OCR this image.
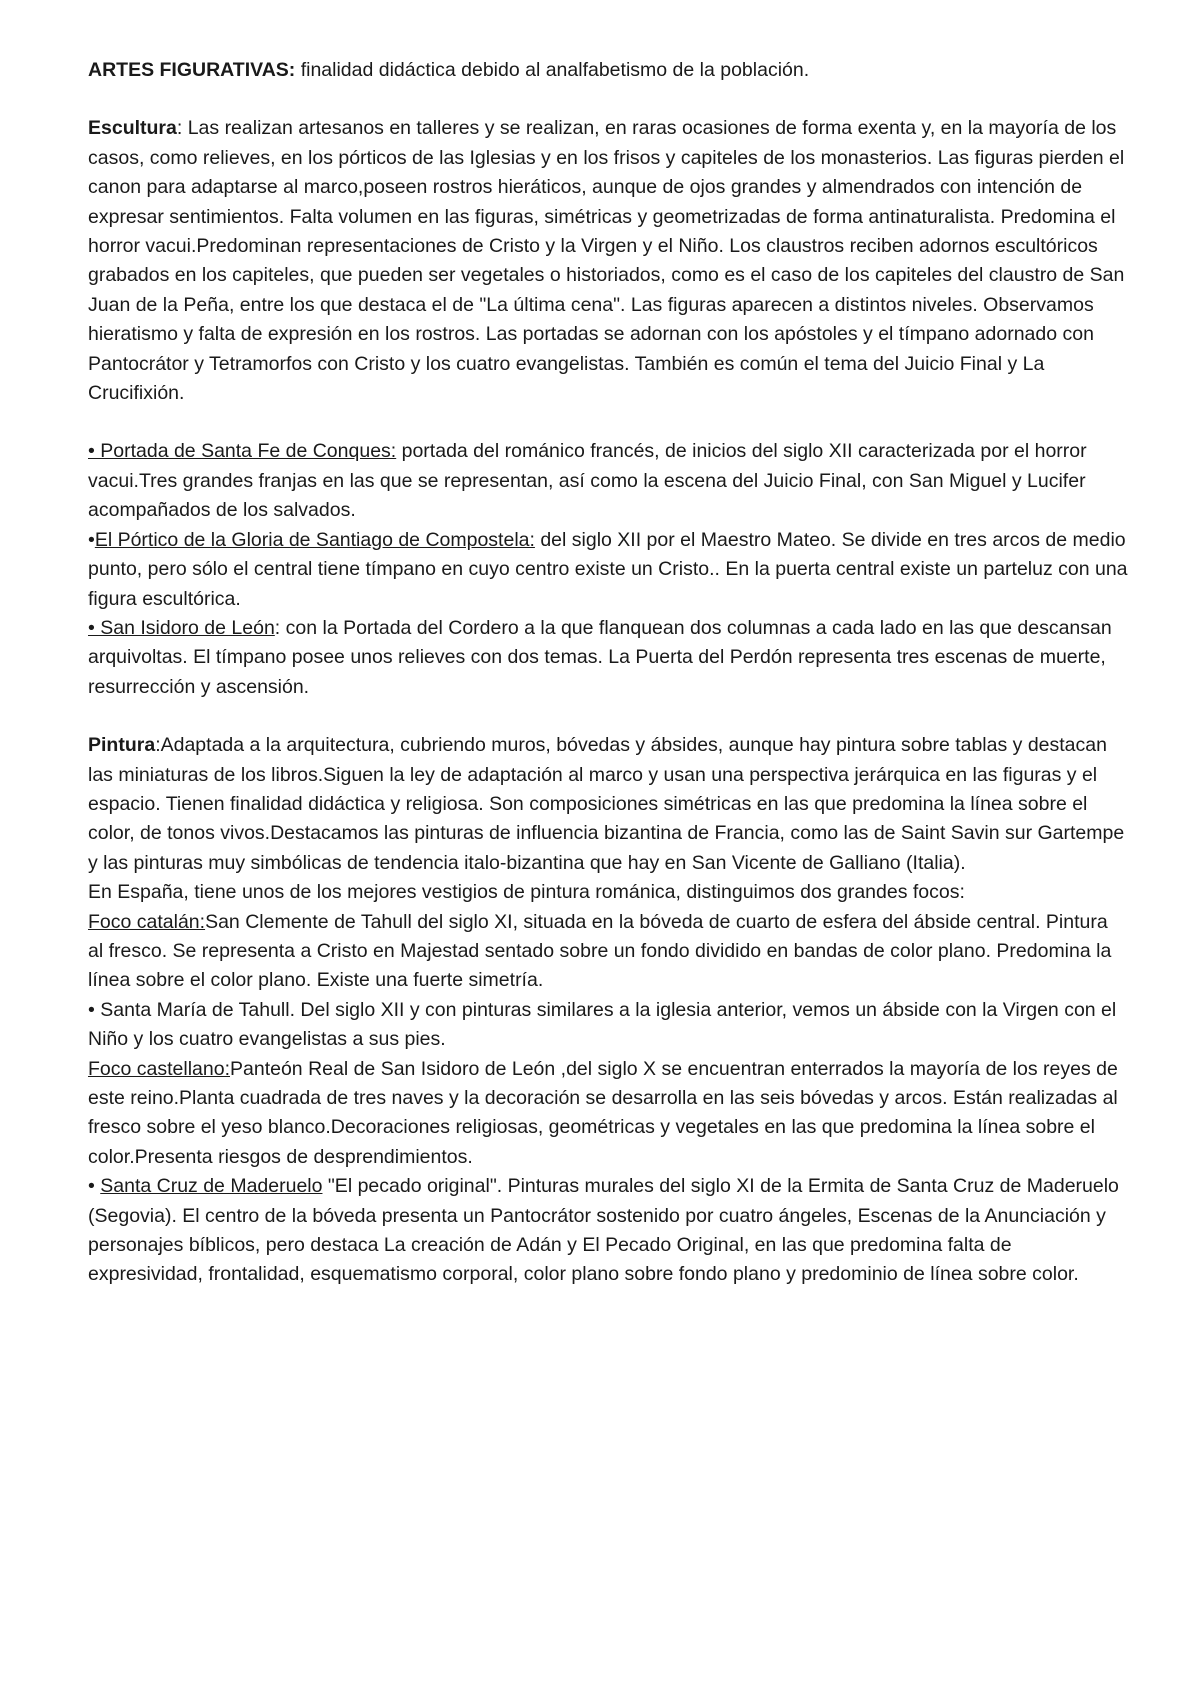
ARTES FIGURATIVAS: finalidad didáctica debido al analfabetismo de la población.

Escultura: Las realizan artesanos en talleres y se realizan, en raras ocasiones de forma exenta y, en la mayoría de los casos, como relieves, en los pórticos de las Iglesias y en los frisos y capiteles de los monasterios. Las figuras pierden el canon para adaptarse al marco,poseen rostros hieráticos, aunque de ojos grandes y almendrados con intención de expresar sentimientos. Falta volumen en las figuras, simétricas y geometrizadas de forma antinaturalista. Predomina el horror vacui.Predominan representaciones de Cristo y la Virgen y el Niño. Los claustros reciben adornos escultóricos grabados en los capiteles, que pueden ser vegetales o historiados, como es el caso de los capiteles del claustro de San Juan de la Peña, entre los que destaca el de "La última cena". Las figuras aparecen a distintos niveles. Observamos hieratismo y falta de expresión en los rostros. Las portadas se adornan con los apóstoles y el tímpano adornado con Pantocrátor y Tetramorfos con Cristo y los cuatro evangelistas. También es común el tema del Juicio Final y La Crucifixión.

• Portada de Santa Fe de Conques: portada del románico francés, de inicios del siglo XII caracterizada por el horror vacui.Tres grandes franjas en las que se representan, así como la escena del Juicio Final, con San Miguel y Lucifer acompañados de los salvados.

•El Pórtico de la Gloria de Santiago de Compostela: del siglo XII por el Maestro Mateo. Se divide en tres arcos de medio punto, pero sólo el central tiene tímpano en cuyo centro existe un Cristo.. En la puerta central existe un parteluz con una figura escultórica.

• San Isidoro de León: con la Portada del Cordero a la que flanquean dos columnas a cada lado en las que descansan arquivoltas. El tímpano posee unos relieves con dos temas. La Puerta del Perdón representa tres escenas de muerte, resurrección y ascensión.

Pintura:Adaptada a la arquitectura, cubriendo muros, bóvedas y ábsides, aunque hay pintura sobre tablas y destacan las miniaturas de los libros.Siguen la ley de adaptación al marco y usan una perspectiva jerárquica en las figuras y el espacio. Tienen finalidad didáctica y religiosa. Son composiciones simétricas en las que predomina la línea sobre el color, de tonos vivos.Destacamos las pinturas de influencia bizantina de Francia, como las de Saint Savin sur Gartempe y las pinturas muy simbólicas de tendencia italo-bizantina que hay en San Vicente de Galliano (Italia).

En España, tiene unos de los mejores vestigios de pintura románica, distinguimos dos grandes focos:

Foco catalán:San Clemente de Tahull del siglo XI, situada en la bóveda de cuarto de esfera del ábside central. Pintura al fresco. Se representa a Cristo en Majestad sentado sobre un fondo dividido en bandas de color plano. Predomina la línea sobre el color plano. Existe una fuerte simetría.

• Santa María de Tahull. Del siglo XII y con pinturas similares a la iglesia anterior, vemos un ábside con la Virgen con el Niño y los cuatro evangelistas a sus pies.

Foco castellano:Panteón Real de San Isidoro de León ,del siglo X se encuentran enterrados la mayoría de los reyes de este reino.Planta cuadrada de tres naves y la decoración se desarrolla en las seis bóvedas y arcos. Están realizadas al fresco sobre el yeso blanco.Decoraciones religiosas, geométricas y vegetales en las que predomina la línea sobre el color.Presenta riesgos de desprendimientos.

• Santa Cruz de Maderuelo "El pecado original". Pinturas murales del siglo XI de la Ermita de Santa Cruz de Maderuelo (Segovia). El centro de la bóveda presenta un Pantocrátor sostenido por cuatro ángeles, Escenas de la Anunciación y personajes bíblicos, pero destaca La creación de Adán y El Pecado Original, en las que predomina falta de expresividad, frontalidad, esquematismo corporal, color plano sobre fondo plano y predominio de línea sobre color.
